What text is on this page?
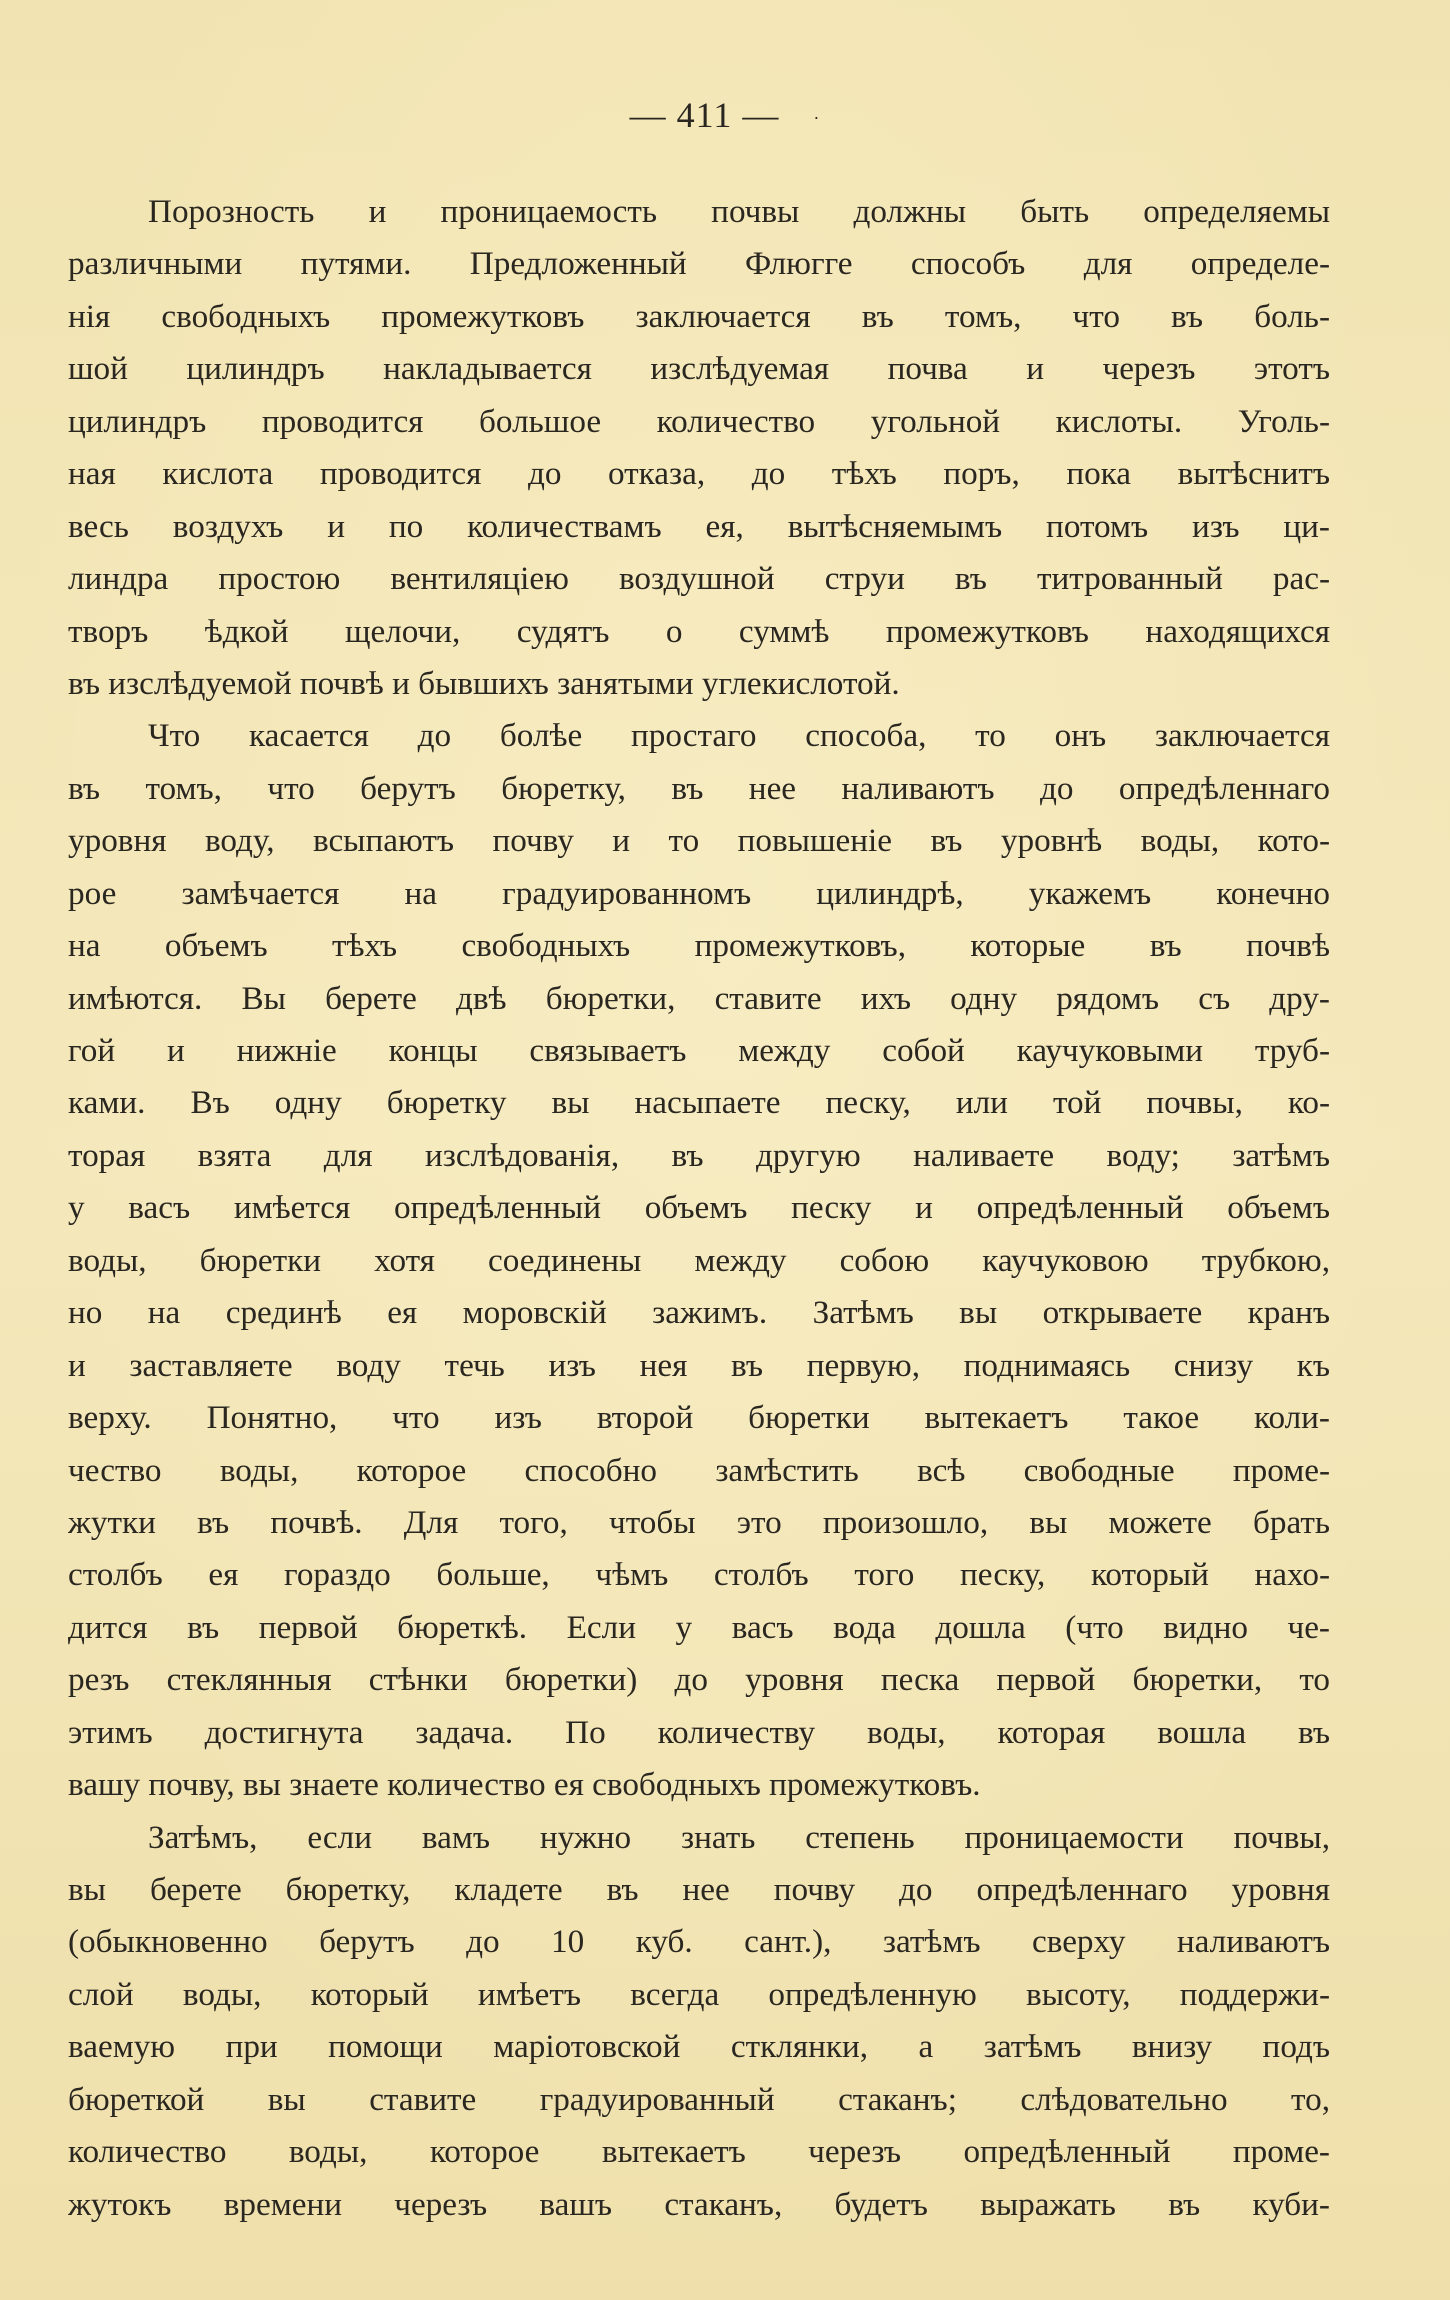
— 411 — ·
Порозность и проницаемость почвы должны быть определяемы
различными путями. Предложенный Флюгге способъ для определе-
нія свободныхъ промежутковъ заключается въ томъ, что въ боль-
шой цилиндръ накладывается изслѣдуемая почва и черезъ этотъ
цилиндръ проводится большое количество угольной кислоты. Уголь-
ная кислота проводится до отказа, до тѣхъ поръ, пока вытѣснитъ
весь воздухъ и по количествамъ ея, вытѣсняемымъ потомъ изъ ци-
линдра простою вентиляціею воздушной струи въ титрованный рас-
творъ ѣдкой щелочи, судятъ о суммѣ промежутковъ находящихся
въ изслѣдуемой почвѣ и бывшихъ занятыми углекислотой.
Что касается до болѣе простаго способа, то онъ заключается
въ томъ, что берутъ бюретку, въ нее наливаютъ до опредѣленнаго
уровня воду, всыпаютъ почву и то повышеніе въ уровнѣ воды, кото-
рое замѣчается на градуированномъ цилиндрѣ, укажемъ конечно
на объемъ тѣхъ свободныхъ промежутковъ, которые въ почвѣ
имѣются. Вы берете двѣ бюретки, ставите ихъ одну рядомъ съ дру-
гой и нижніе концы связываетъ между собой каучуковыми труб-
ками. Въ одну бюретку вы насыпаете песку, или той почвы, ко-
торая взята для изслѣдованія, въ другую наливаете воду; затѣмъ
у васъ имѣется опредѣленный объемъ песку и опредѣленный объемъ
воды, бюретки хотя соединены между собою каучуковою трубкою,
но на срединѣ ея моровскій зажимъ. Затѣмъ вы открываете кранъ
и заставляете воду течь изъ нея въ первую, поднимаясь снизу къ
верху. Понятно, что изъ второй бюретки вытекаетъ такое коли-
чество воды, которое способно замѣстить всѣ свободные проме-
жутки въ почвѣ. Для того, чтобы это произошло, вы можете брать
столбъ ея гораздо больше, чѣмъ столбъ того песку, который нахо-
дится въ первой бюреткѣ. Если у васъ вода дошла (что видно че-
резъ стеклянныя стѣнки бюретки) до уровня песка первой бюретки, то
этимъ достигнута задача. По количеству воды, которая вошла въ
вашу почву, вы знаете количество ея свободныхъ промежутковъ.
Затѣмъ, если вамъ нужно знать степень проницаемости почвы,
вы берете бюретку, кладете въ нее почву до опредѣленнаго уровня
(обыкновенно берутъ до 10 куб. сант.), затѣмъ сверху наливаютъ
слой воды, который имѣетъ всегда опредѣленную высоту, поддержи-
ваемую при помощи маріотовской стклянки, а затѣмъ внизу подъ
бюреткой вы ставите градуированный стаканъ; слѣдовательно то,
количество воды, которое вытекаетъ черезъ опредѣленный проме-
жутокъ времени черезъ вашъ стаканъ, будетъ выражать въ куби-
